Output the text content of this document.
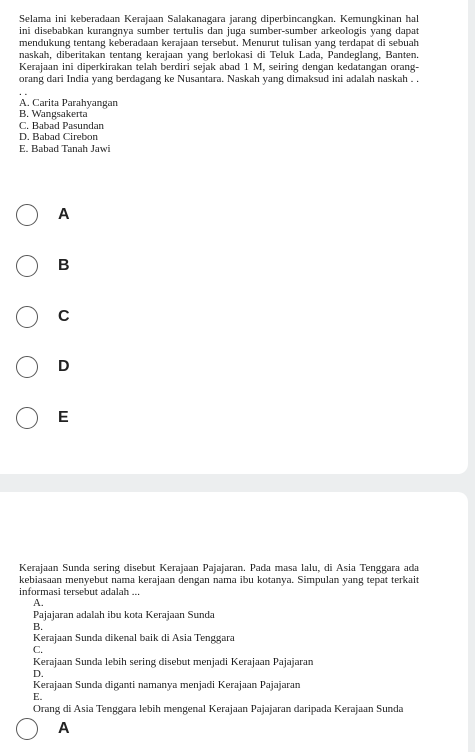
Selama ini keberadaan Kerajaan Salakanagara jarang diperbincangkan. Kemungkinan hal ini disebabkan kurangnya sumber tertulis dan juga sumber-sumber arkeologis yang dapat mendukung tentang keberadaan kerajaan tersebut. Menurut tulisan yang terdapat di sebuah naskah, diberitakan tentang kerajaan yang berlokasi di Teluk Lada, Pandeglang, Banten. Kerajaan ini diperkirakan telah berdiri sejak abad 1 M, seiring dengan kedatangan orang-orang dari India yang berdagang ke Nusantara. Naskah yang dimaksud ini adalah naskah . . . .
A. Carita Parahyangan
B. Wangsakerta
C. Babad Pasundan
D. Babad Cirebon
E. Babad Tanah Jawi
A
B
C
D
E
Kerajaan Sunda sering disebut Kerajaan Pajajaran. Pada masa lalu, di Asia Tenggara ada kebiasaan menyebut nama kerajaan dengan nama ibu kotanya. Simpulan yang tepat terkait informasi tersebut adalah ...
A.Pajajaran adalah ibu kota Kerajaan Sunda
B.Kerajaan Sunda dikenal baik di Asia Tenggara
C.Kerajaan Sunda lebih sering disebut menjadi Kerajaan Pajajaran
D.Kerajaan Sunda diganti namanya menjadi Kerajaan Pajajaran
E.Orang di Asia Tenggara lebih mengenal Kerajaan Pajajaran daripada Kerajaan Sunda
A
